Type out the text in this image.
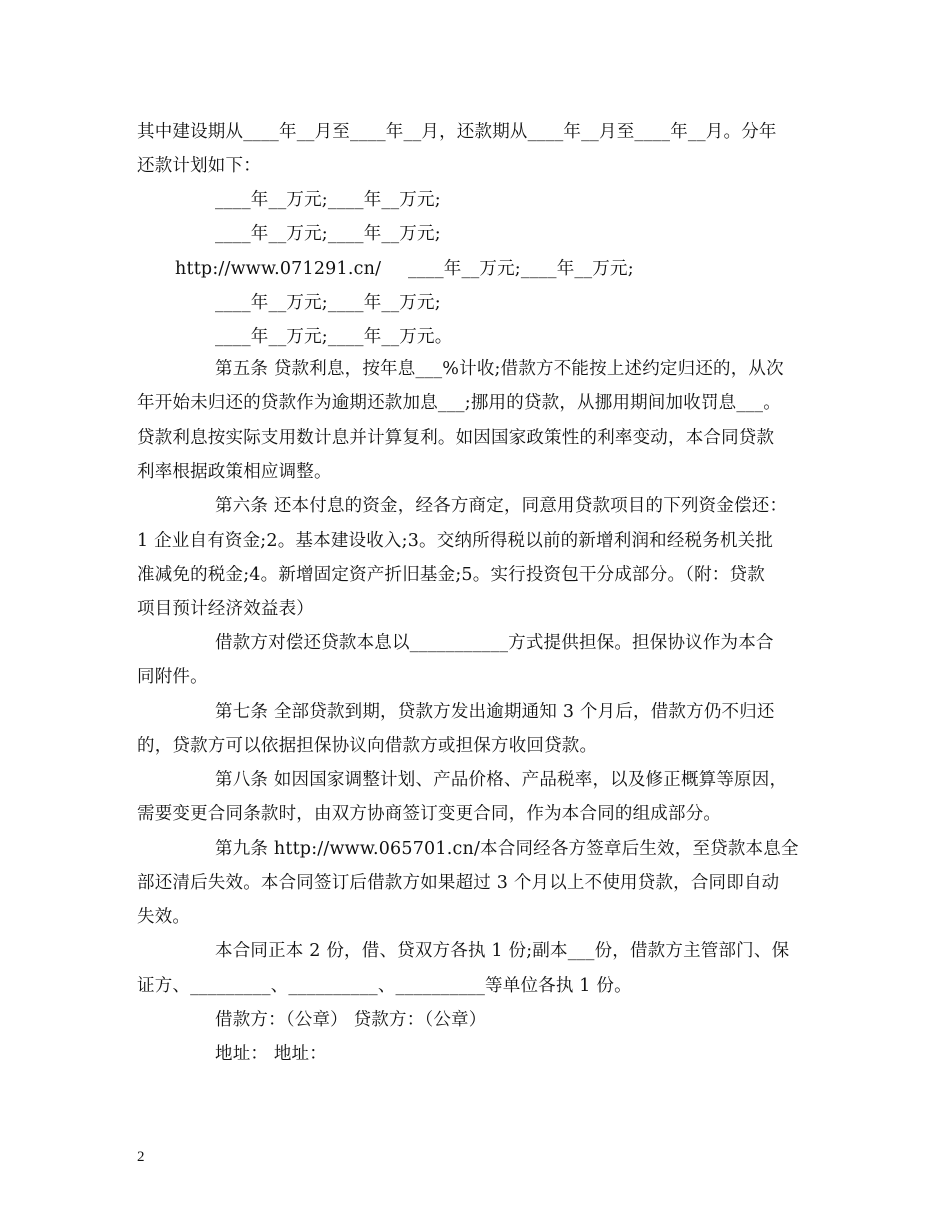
其中建设期从____年__月至____年__月，还款期从____年__月至____年__月。分年
还款计划如下：
____年__万元;____年__万元;
____年__万元;____年__万元;
http://www.071291.cn/ ____年__万元;____年__万元;
____年__万元;____年__万元;
____年__万元;____年__万元。
第五条 贷款利息，按年息___%计收;借款方不能按上述约定归还的，从次
年开始未归还的贷款作为逾期还款加息___;挪用的贷款，从挪用期间加收罚息___。
贷款利息按实际支用数计息并计算复利。如因国家政策性的利率变动，本合同贷款
利率根据政策相应调整。
第六条 还本付息的资金，经各方商定，同意用贷款项目的下列资金偿还：
1 企业自有资金;2。基本建设收入;3。交纳所得税以前的新增利润和经税务机关批
准减免的税金;4。新增固定资产折旧基金;5。实行投资包干分成部分。（附：贷款
项目预计经济效益表）
借款方对偿还贷款本息以___________方式提供担保。担保协议作为本合
同附件。
第七条 全部贷款到期，贷款方发出逾期通知 3 个月后，借款方仍不归还
的，贷款方可以依据担保协议向借款方或担保方收回贷款。
第八条 如因国家调整计划、产品价格、产品税率，以及修正概算等原因，
需要变更合同条款时，由双方协商签订变更合同，作为本合同的组成部分。
第九条 http://www.065701.cn/本合同经各方签章后生效，至贷款本息全
部还清后失效。本合同签订后借款方如果超过 3 个月以上不使用贷款，合同即自动
失效。
本合同正本 2 份，借、贷双方各执 1 份;副本___份，借款方主管部门、保
证方、_________、__________、__________等单位各执 1 份。
借款方：（公章） 贷款方：（公章）
地址： 地址：
2
